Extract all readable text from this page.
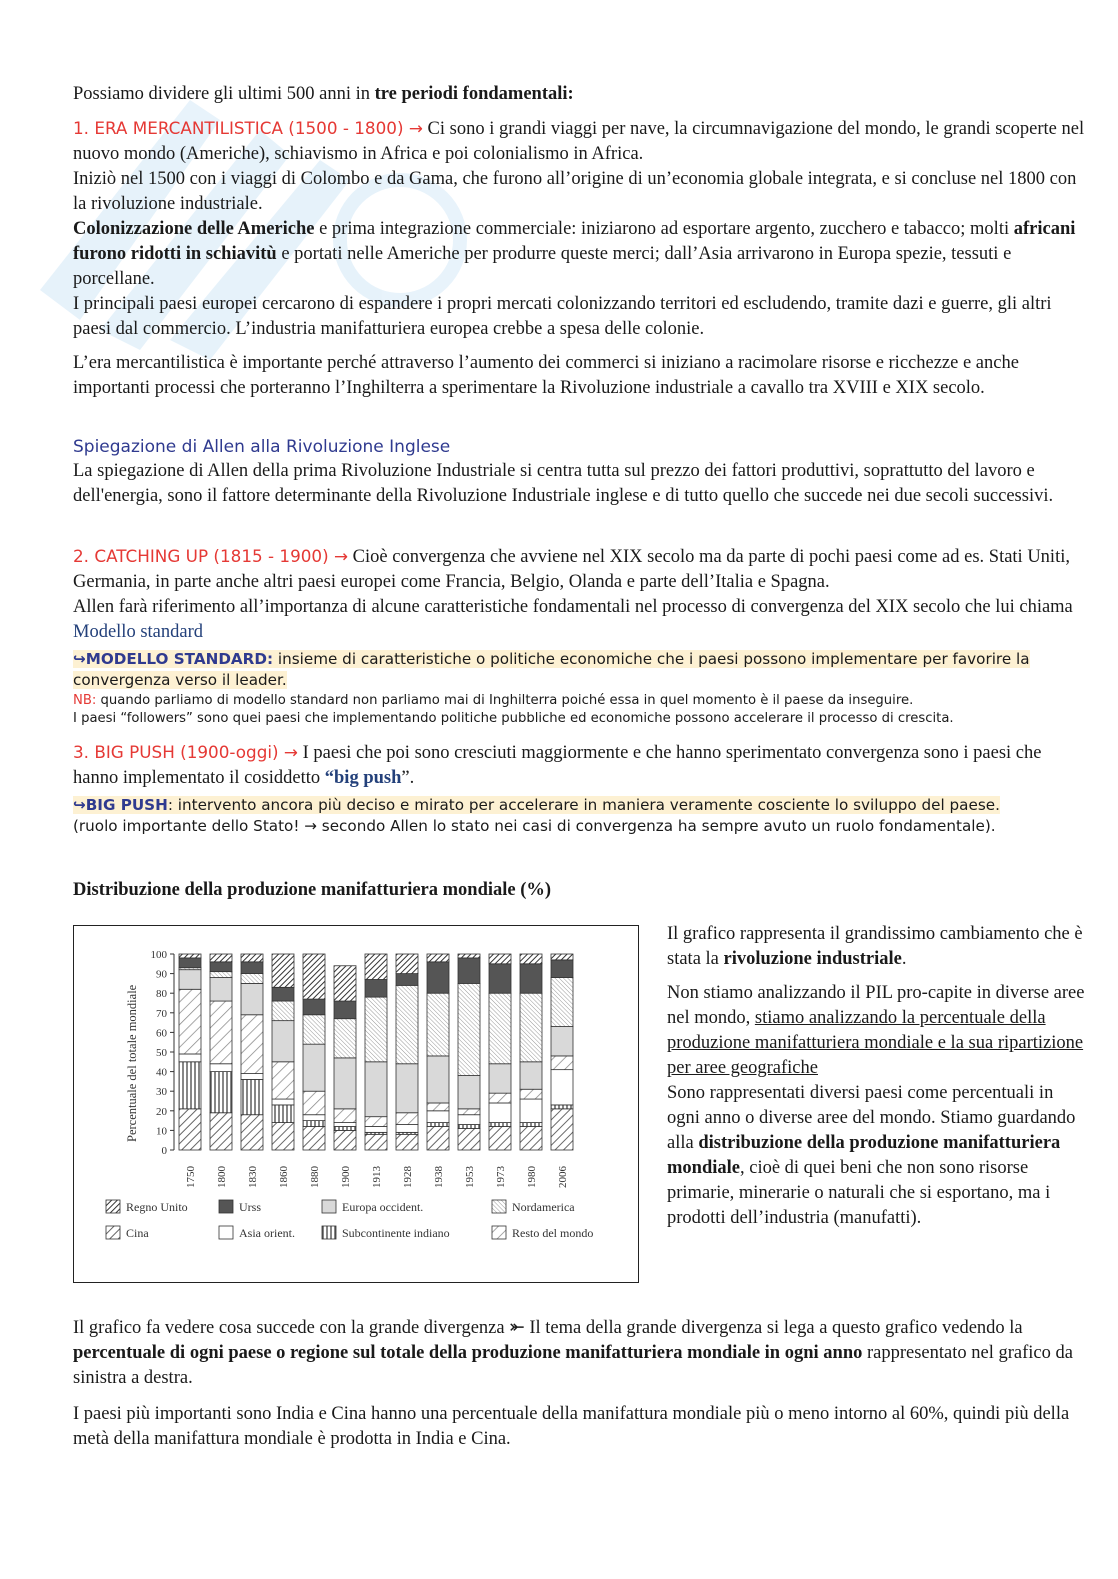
Possiamo dividere gli ultimi 500 anni in tre periodi fondamentali:

1. ERA MERCANTILISTICA (1500 - 1800) → Ci sono i grandi viaggi per nave, la circumnavigazione del mondo, le grandi scoperte nel nuovo mondo (Americhe), schiavismo in Africa e poi colonialismo in Africa.

Iniziò nel 1500 con i viaggi di Colombo e da Gama, che furono all’origine di un’economia globale integrata, e si concluse nel 1800 con la rivoluzione industriale.

Colonizzazione delle Americhe e prima integrazione commerciale: iniziarono ad esportare argento, zucchero e tabacco; molti africani furono ridotti in schiavitù e portati nelle Americhe per produrre queste merci; dall’Asia arrivarono in Europa spezie, tessuti e porcellane.

I principali paesi europei cercarono di espandere i propri mercati colonizzando territori ed escludendo, tramite dazi e guerre, gli altri paesi dal commercio. L’industria manifatturiera europea crebbe a spesa delle colonie.

L’era mercantilistica è importante perché attraverso l’aumento dei commerci si iniziano a racimolare risorse e ricchezze e anche importanti processi che porteranno l’Inghilterra a sperimentare la Rivoluzione industriale a cavallo tra XVIII e XIX secolo.

Spiegazione di Allen alla Rivoluzione Inglese

La spiegazione di Allen della prima Rivoluzione Industriale si centra tutta sul prezzo dei fattori produttivi, soprattutto del lavoro e dell'energia, sono il fattore determinante della Rivoluzione Industriale inglese e di tutto quello che succede nei due secoli successivi.

2. CATCHING UP (1815 - 1900) → Cioè convergenza che avviene nel XIX secolo ma da parte di pochi paesi come ad es. Stati Uniti, Germania, in parte anche altri paesi europei come Francia, Belgio, Olanda e parte dell’Italia e Spagna.

Allen farà riferimento all’importanza di alcune caratteristiche fondamentali nel processo di convergenza del XIX secolo che lui chiama Modello standard

↪MODELLO STANDARD: insieme di caratteristiche o politiche economiche che i paesi possono implementare per favorire la convergenza verso il leader.

NB: quando parliamo di modello standard non parliamo mai di Inghilterra poiché essa in quel momento è il paese da inseguire.

I paesi “followers” sono quei paesi che implementando politiche pubbliche ed economiche possono accelerare il processo di crescita.

3. BIG PUSH (1900-oggi) → I paesi che poi sono cresciuti maggiormente e che hanno sperimentato convergenza sono i paesi che hanno implementato il cosiddetto “big push”.

↪BIG PUSH: intervento ancora più deciso e mirato per accelerare in maniera veramente cosciente lo sviluppo del paese.

(ruolo importante dello Stato! → secondo Allen lo stato nei casi di convergenza ha sempre avuto un ruolo fondamentale).

Distribuzione della produzione manifatturiera mondiale (%)

Percentuale del totale mondiale
0
10
20
30
40
50
60
70
80
90
100
1750 1800 1830 1860 1880 1900 1913 1928 1938 1953 1973 1980 2006
Regno Unito	Urss	Europa occident.	Nordamerica
Cina	Asia orient.	Subcontinente indiano	Resto del mondo

Il grafico rappresenta il grandissimo cambiamento che è stata la rivoluzione industriale.

Non stiamo analizzando il PIL pro-capite in diverse aree nel mondo, stiamo analizzando la percentuale della produzione manifatturiera mondiale e la sua ripartizione per aree geografiche

Sono rappresentati diversi paesi come percentuali in ogni anno o diverse aree del mondo. Stiamo guardando alla distribuzione della produzione manifatturiera mondiale, cioè di quei beni che non sono risorse primarie, minerarie o naturali che si esportano, ma i prodotti dell’industria (manufatti).

Il grafico fa vedere cosa succede con la grande divergenza ⤜ Il tema della grande divergenza si lega a questo grafico vedendo la percentuale di ogni paese o regione sul totale della produzione manifatturiera mondiale in ogni anno rappresentato nel grafico da sinistra a destra.

I paesi più importanti sono India e Cina hanno una percentuale della manifattura mondiale più o meno intorno al 60%, quindi più della metà della manifattura mondiale è prodotta in India e Cina.
